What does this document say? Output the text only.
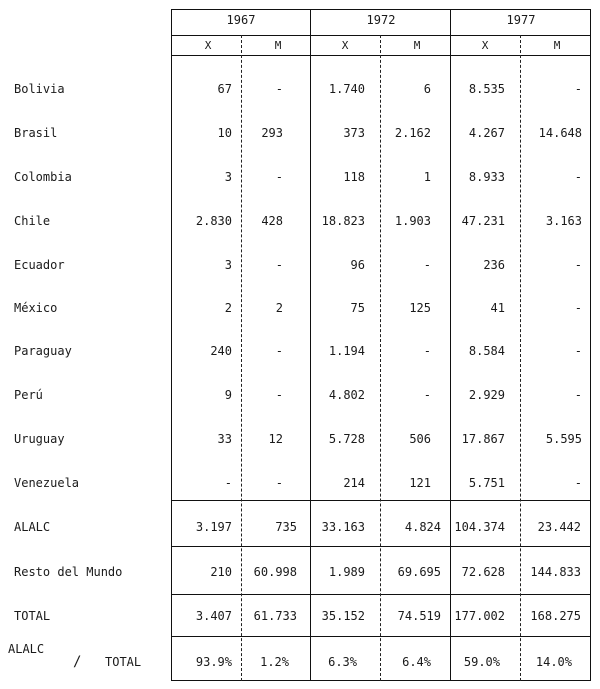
1967	1972	1977
X	M	X	M	X	M
Bolivia	67	-	1.740	6	8.535	-
Brasil	10	293	373	2.162	4.267	14.648
Colombia	3	-	118	1	8.933	-
Chile	2.830	428	18.823	1.903	47.231	3.163
Ecuador	3	-	96	-	236	-
México	2	2	75	125	41	-
Paraguay	240	-	1.194	-	8.584	-
Perú	9	-	4.802	-	2.929	-
Uruguay	33	12	5.728	506	17.867	5.595
Venezuela	-	-	214	121	5.751	-
ALALC	3.197	735	33.163	4.824	104.374	23.442
Resto del Mundo	210	60.998	1.989	69.695	72.628	144.833
TOTAL	3.407	61.733	35.152	74.519	177.002	168.275
ALALC
/ TOTAL	93.9%	1.2%	6.3%	6.4%	59.0%	14.0%
